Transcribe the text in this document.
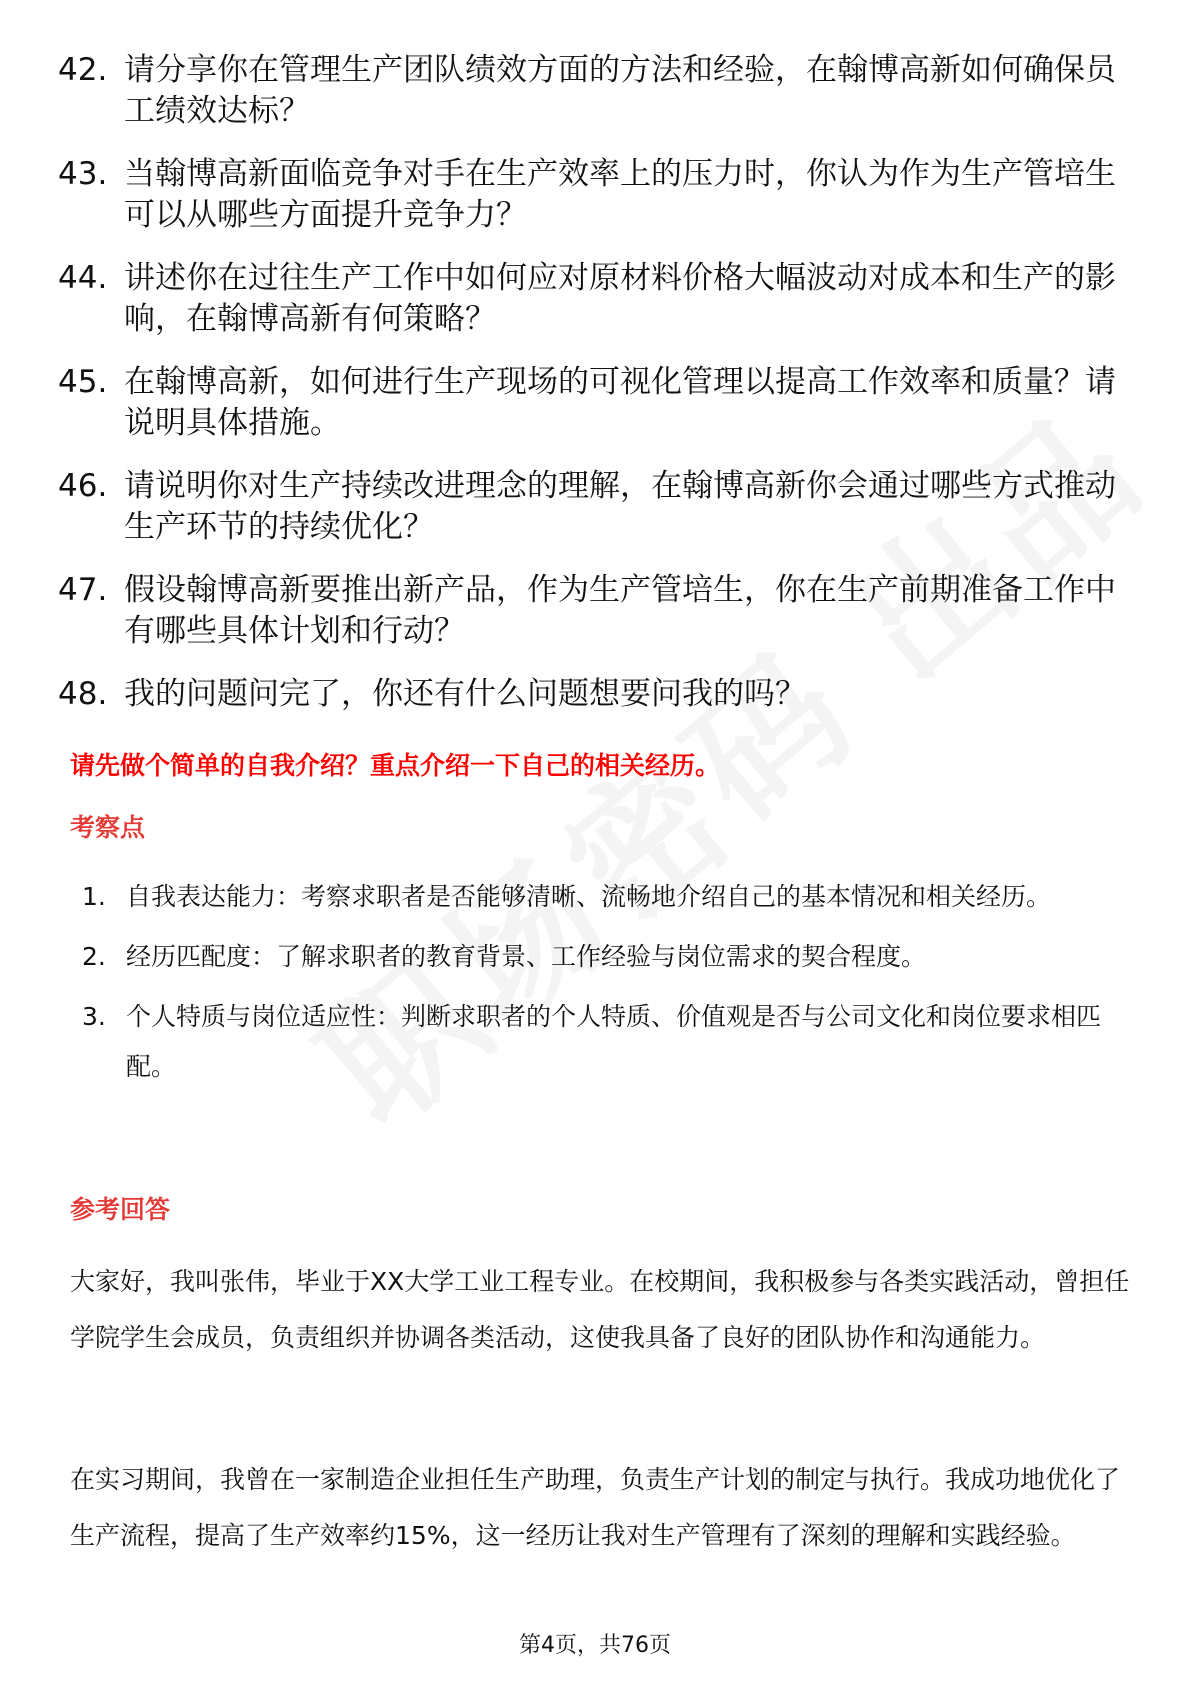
42. 请分享你在管理生产团队绩效方面的方法和经验，在翰博高新如何确保员工绩效达标？
43. 当翰博高新面临竞争对手在生产效率上的压力时，你认为作为生产管培生可以从哪些方面提升竞争力？
44. 讲述你在过往生产工作中如何应对原材料价格大幅波动对成本和生产的影响，在翰博高新有何策略？
45. 在翰博高新，如何进行生产现场的可视化管理以提高工作效率和质量？请说明具体措施。
46. 请说明你对生产持续改进理念的理解，在翰博高新你会通过哪些方式推动生产环节的持续优化？
47. 假设翰博高新要推出新产品，作为生产管培生，你在生产前期准备工作中有哪些具体计划和行动？
48. 我的问题问完了，你还有什么问题想要问我的吗？
请先做个简单的自我介绍？重点介绍一下自己的相关经历。
考察点
1. 自我表达能力：考察求职者是否能够清晰、流畅地介绍自己的基本情况和相关经历。
2. 经历匹配度：了解求职者的教育背景、工作经验与岗位需求的契合程度。
3. 个人特质与岗位适应性：判断求职者的个人特质、价值观是否与公司文化和岗位要求相匹配。
参考回答

大家好，我叫张伟，毕业于XX大学工业工程专业。在校期间，我积极参与各类实践活动，曾担任学院学生会成员，负责组织并协调各类活动，这使我具备了良好的团队协作和沟通能力。

在实习期间，我曾在一家制造企业担任生产助理，负责生产计划的制定与执行。我成功地优化了生产流程，提高了生产效率约15%，这一经历让我对生产管理有了深刻的理解和实践经验。

第4页，共76页
